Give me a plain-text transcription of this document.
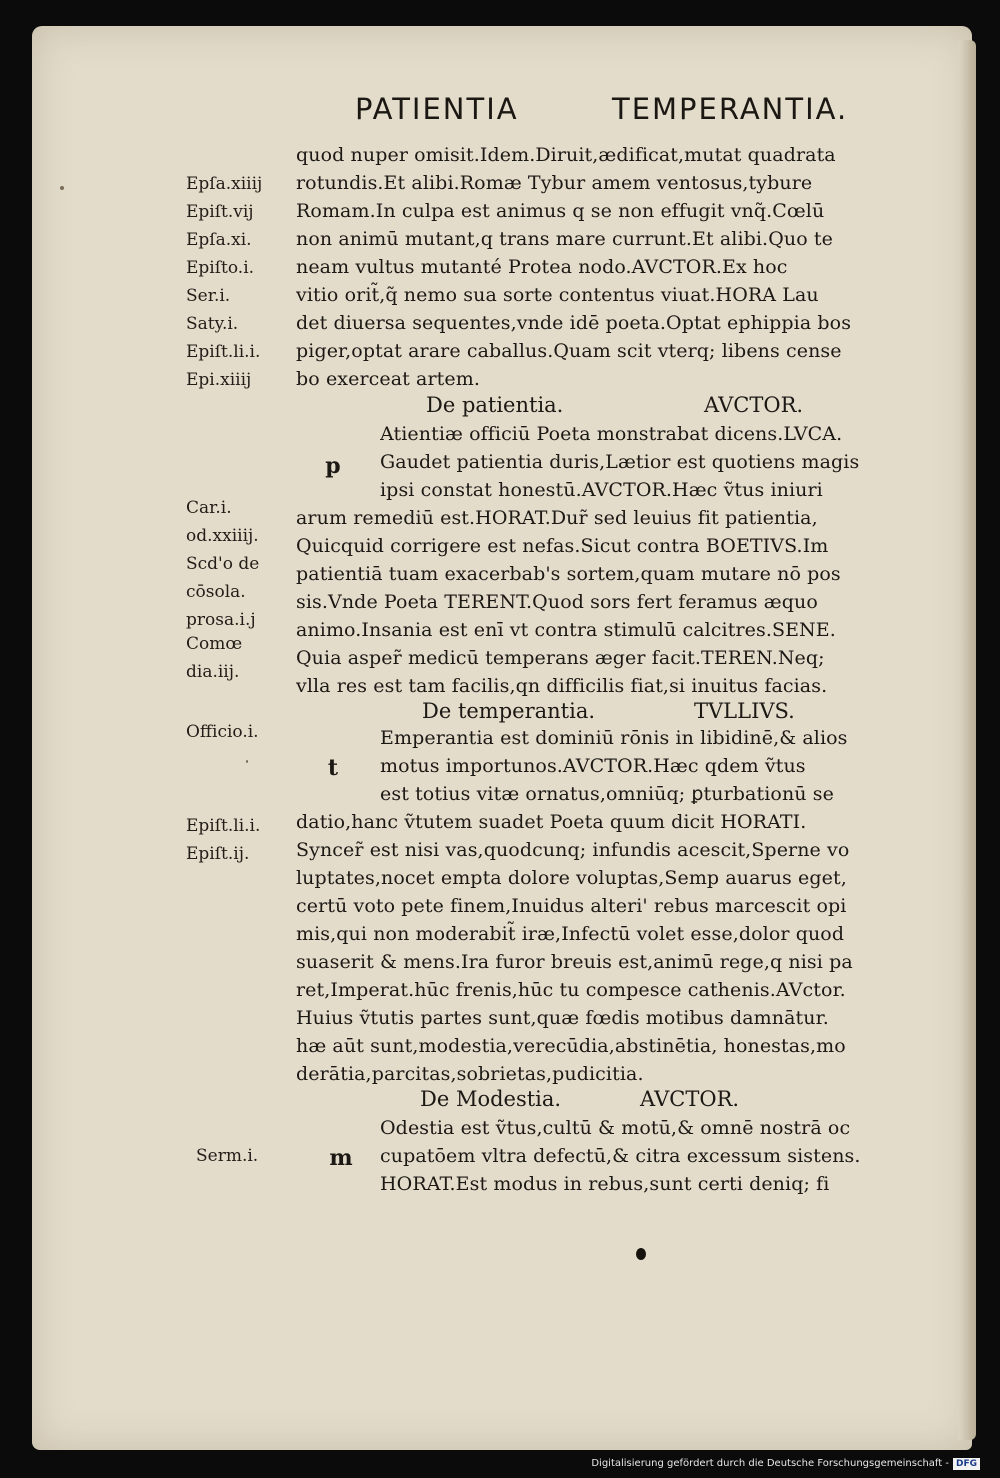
PATIENTIA	TEMPERANTIA.
quod nuper omisit.Idem.Diruit,ædificat,mutat quadrata
rotundis.Et alibi.Romæ Tybur amem ventosus,tybure
Romam.In culpa est animus q se non effugit vnq̃.Cœlū
non animū mutant,q trans mare currunt.Et alibi.Quo te
neam vultus mutanté Protea nodo.AVCTOR.Ex hoc
vitio orit̃,q̃ nemo sua sorte contentus viuat.HORA Lau
det diuersa sequentes,vnde idē poeta.Optat ephippia bos
piger,optat arare caballus.Quam scit vterq; libens cense
bo exerceat artem.
De patientia.	AVCTOR.
p
Atientiæ officiū Poeta monstrabat dicens.LVCA.
Gaudet patientia duris,Lætior est quotiens magis
ipsi constat honestū.AVCTOR.Hæc ṽtus iniuri
arum remediū est.HORAT.Dur̃ sed leuius fit patientia,
Quicquid corrigere est nefas.Sicut contra BOETIVS.Im
patientiā tuam exacerbab's sortem,quam mutare nō pos
sis.Vnde Poeta TERENT.Quod sors fert feramus æquo
animo.Insania est enī vt contra stimulū calcitres.SENE.
Quia asper̃ medicū temperans æger facit.TEREN.Neq;
vlla res est tam facilis,qn difficilis fiat,si inuitus facias.
De temperantia.	TVLLIVS.
t
Emperantia est dominiū rōnis in libidinē,& alios
motus importunos.AVCTOR.Hæc qdem ṽtus
est totius vitæ ornatus,omniūq; ꝑturbationū se
datio,hanc ṽtutem suadet Poeta quum dicit HORATI.
Syncer̃ est nisi vas,quodcunq; infundis acescit,Sperne vo
luptates,nocet empta dolore voluptas,Semp auarus eget,
certū voto pete finem,Inuidus alteri' rebus marcescit opi
mis,qui non moderabit̃ iræ,Infectū volet esse,dolor quod
suaserit & mens.Ira furor breuis est,animū rege,q nisi pa
ret,Imperat.hūc frenis,hūc tu compesce cathenis.AVctor.
Huius ṽtutis partes sunt,quæ fœdis motibus damnātur.
hæ aūt sunt,modestia,verecūdia,abstinētia, honestas,mo
derātia,parcitas,sobrietas,pudicitia.
De Modestia.	AVCTOR.
m
Odestia est ṽtus,cultū & motū,& omnē nostrā oc
cupatōem vltra defectū,& citra excessum sistens.
HORAT.Est modus in rebus,sunt certi deniq; fi
Epſa.xiiij
Epiſt.vij
Epſa.xi.
Epiſto.i.
Ser.i.
Saty.i.
Epiſt.li.i.
Epi.xiiij
Car.i.
od.xxiiij.
Scd'o de
cōsola.
prosa.i.j
Comœ
dia.iij.
Officio.i.
Epiſt.li.i.
Epiſt.ij.
Serm.i.
Digitalisierung gefördert durch die Deutsche Forschungsgemeinschaft - DFG
